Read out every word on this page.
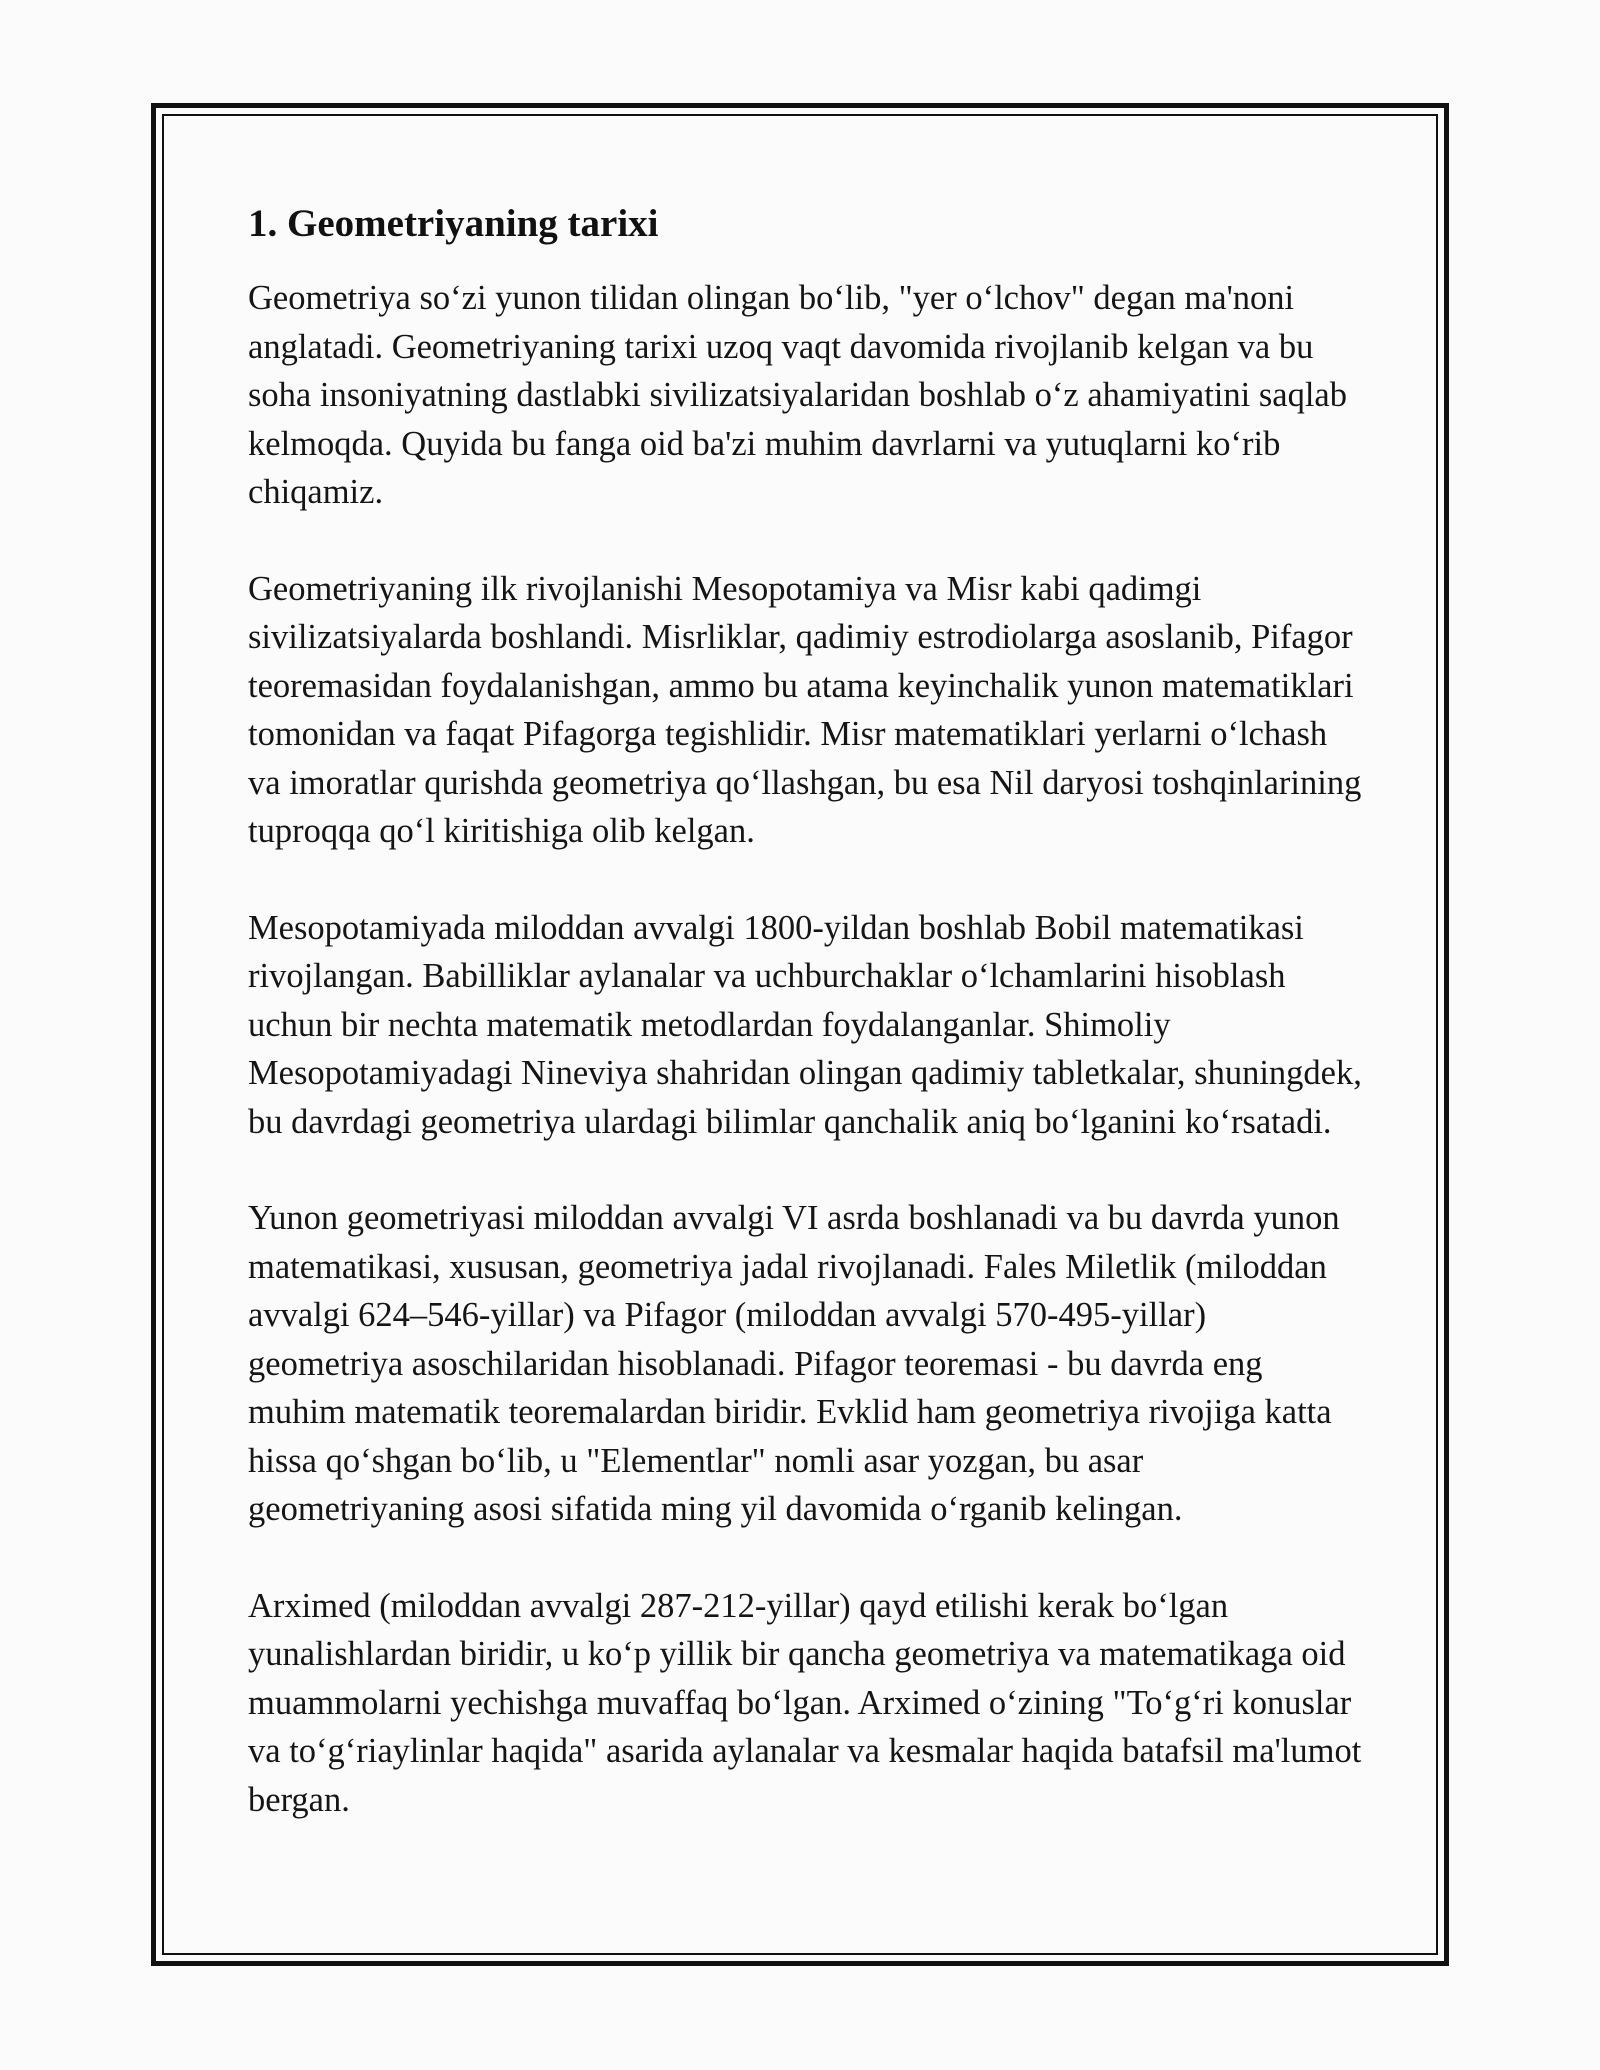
1. Geometriyaning tarixi

Geometriya so‘zi yunon tilidan olingan bo‘lib, "yer o‘lchov" degan ma'noni anglatadi. Geometriyaning tarixi uzoq vaqt davomida rivojlanib kelgan va bu soha insoniyatning dastlabki sivilizatsiyalaridan boshlab o‘z ahamiyatini saqlab kelmoqda. Quyida bu fanga oid ba'zi muhim davrlarni va yutuqlarni ko‘rib chiqamiz.

Geometriyaning ilk rivojlanishi Mesopotamiya va Misr kabi qadimgi sivilizatsiyalarda boshlandi. Misrliklar, qadimiy estrodiolarga asoslanib, Pifagor teoremasidan foydalanishgan, ammo bu atama keyinchalik yunon matematiklari tomonidan va faqat Pifagorga tegishlidir. Misr matematiklari yerlarni o‘lchash va imoratlar qurishda geometriya qo‘llashgan, bu esa Nil daryosi toshqinlarining tuproqqa qo‘l kiritishiga olib kelgan.

Mesopotamiyada miloddan avvalgi 1800-yildan boshlab Bobil matematikasi rivojlangan. Babilliklar aylanalar va uchburchaklar o‘lchamlarini hisoblash uchun bir nechta matematik metodlardan foydalanganlar. Shimoliy Mesopotamiyadagi Nineviya shahridan olingan qadimiy tabletkalar, shuningdek, bu davrdagi geometriya ulardagi bilimlar qanchalik aniq bo‘lganini ko‘rsatadi.

Yunon geometriyasi miloddan avvalgi VI asrda boshlanadi va bu davrda yunon matematikasi, xususan, geometriya jadal rivojlanadi. Fales Miletlik (miloddan avvalgi 624–546-yillar) va Pifagor (miloddan avvalgi 570-495-yillar) geometriya asoschilaridan hisoblanadi. Pifagor teoremasi - bu davrda eng muhim matematik teoremalardan biridir. Evklid ham geometriya rivojiga katta hissa qo‘shgan bo‘lib, u "Elementlar" nomli asar yozgan, bu asar geometriyaning asosi sifatida ming yil davomida o‘rganib kelingan.

Arximed (miloddan avvalgi 287-212-yillar) qayd etilishi kerak bo‘lgan yunalishlardan biridir, u ko‘p yillik bir qancha geometriya va matematikaga oid muammolarni yechishga muvaffaq bo‘lgan. Arximed o‘zining "To‘g‘ri konuslar va to‘g‘riaylinlar haqida" asarida aylanalar va kesmalar haqida batafsil ma'lumot bergan.
